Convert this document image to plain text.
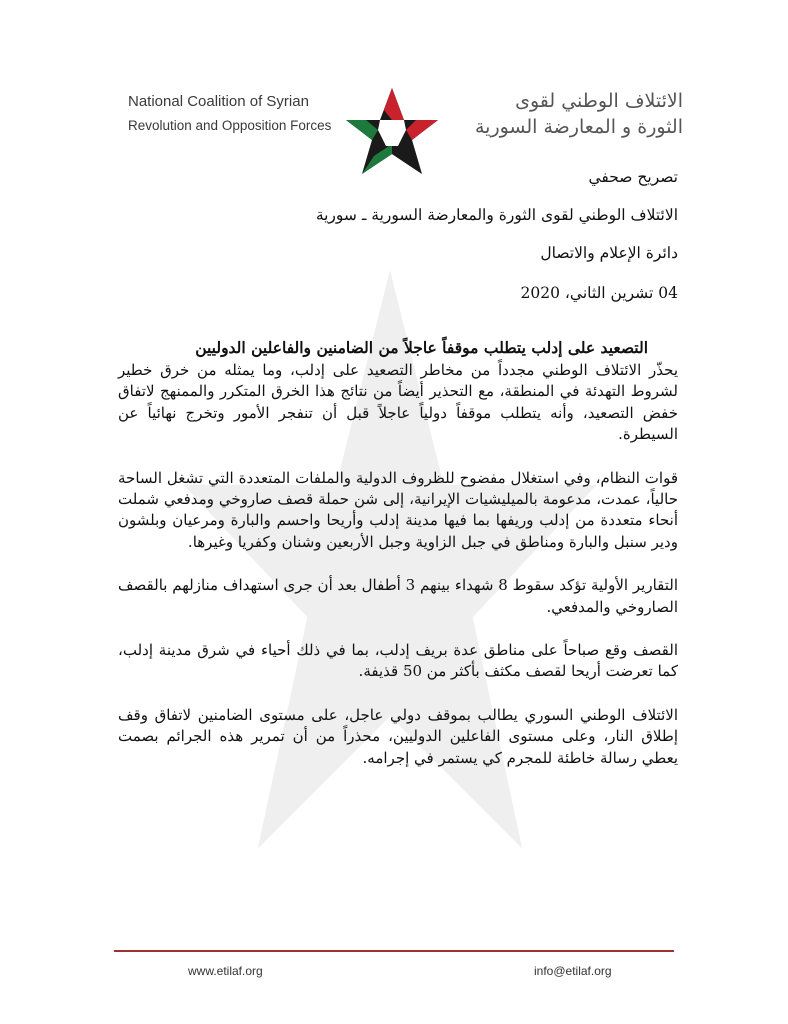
National Coalition of Syrian
Revolution and Opposition Forces
الائتلاف الوطني لقوى
الثورة و المعارضة السورية

تصريح صحفي

الائتلاف الوطني لقوى الثورة والمعارضة السورية ـ سورية

دائرة الإعلام والاتصال

04 تشرين الثاني، 2020

التصعيد على إدلب يتطلب موقفاً عاجلاً من الضامنين والفاعلين الدوليين

يحذّر الائتلاف الوطني مجدداً من مخاطر التصعيد على إدلب، وما يمثله من خرق خطير لشروط التهدئة في المنطقة، مع التحذير أيضاً من نتائج هذا الخرق المتكرر والممنهج لاتفاق خفض التصعيد، وأنه يتطلب موقفاً دولياً عاجلاً قبل أن تنفجر الأمور وتخرج نهائياً عن السيطرة.

قوات النظام، وفي استغلال مفضوح للظروف الدولية والملفات المتعددة التي تشغل الساحة حالياً، عمدت، مدعومة بالميليشيات الإيرانية، إلى شن حملة قصف صاروخي ومدفعي شملت أنحاء متعددة من إدلب وريفها بما فيها مدينة إدلب وأريحا واحسم والبارة ومرعيان وبلشون ودير سنبل والبارة ومناطق في جبل الزاوية وجبل الأربعين وشنان وكفريا وغيرها.

التقارير الأولية تؤكد سقوط 8 شهداء بينهم 3 أطفال بعد أن جرى استهداف منازلهم بالقصف الصاروخي والمدفعي.

القصف وقع صباحاً على مناطق عدة بريف إدلب، بما في ذلك أحياء في شرق مدينة إدلب، كما تعرضت أريحا لقصف مكثف بأكثر من 50 قذيفة.

الائتلاف الوطني السوري يطالب بموقف دولي عاجل، على مستوى الضامنين لاتفاق وقف إطلاق النار، وعلى مستوى الفاعلين الدوليين، محذراً من أن تمرير هذه الجرائم بصمت يعطي رسالة خاطئة للمجرم كي يستمر في إجرامه.

www.etilaf.org	info@etilaf.org
